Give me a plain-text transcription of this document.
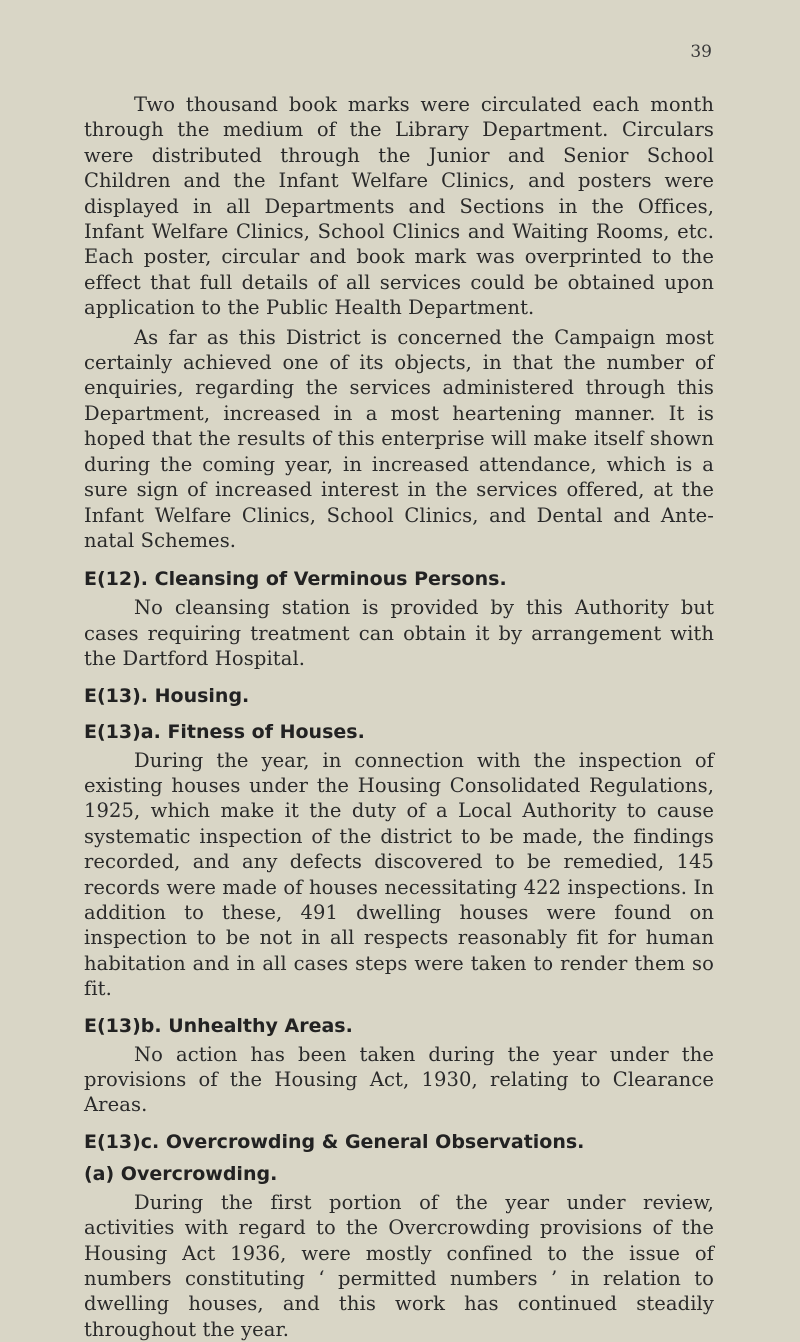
39

Two thousand book marks were circulated each month through the medium of the Library Department. Circulars were distributed through the Junior and Senior School Children and the Infant Welfare Clinics, and posters were displayed in all Departments and Sections in the Offices, Infant Welfare Clinics, School Clinics and Waiting Rooms, etc. Each poster, circular and book mark was overprinted to the effect that full details of all services could be obtained upon application to the Public Health Department.

As far as this District is concerned the Campaign most certainly achieved one of its objects, in that the number of enquiries, regarding the services administered through this Department, increased in a most heartening manner. It is hoped that the results of this enterprise will make itself shown during the coming year, in increased attendance, which is a sure sign of increased interest in the services offered, at the Infant Welfare Clinics, School Clinics, and Dental and Ante-natal Schemes.

E(12). Cleansing of Verminous Persons.

No cleansing station is provided by this Authority but cases requiring treatment can obtain it by arrangement with the Dartford Hospital.

E(13). Housing.
E(13)a. Fitness of Houses.

During the year, in connection with the inspection of existing houses under the Housing Consolidated Regulations, 1925, which make it the duty of a Local Authority to cause systematic inspection of the district to be made, the findings recorded, and any defects discovered to be remedied, 145 records were made of houses necessitating 422 inspections. In addition to these, 491 dwelling houses were found on inspection to be not in all respects reasonably fit for human habitation and in all cases steps were taken to render them so fit.

E(13)b. Unhealthy Areas.

No action has been taken during the year under the provisions of the Housing Act, 1930, relating to Clearance Areas.

E(13)c. Overcrowding & General Observations.
(a) Overcrowding.

During the first portion of the year under review, activities with regard to the Overcrowding provisions of the Housing Act 1936, were mostly confined to the issue of numbers constituting ‘ permitted numbers ’ in relation to dwelling houses, and this work has continued steadily throughout the year.
